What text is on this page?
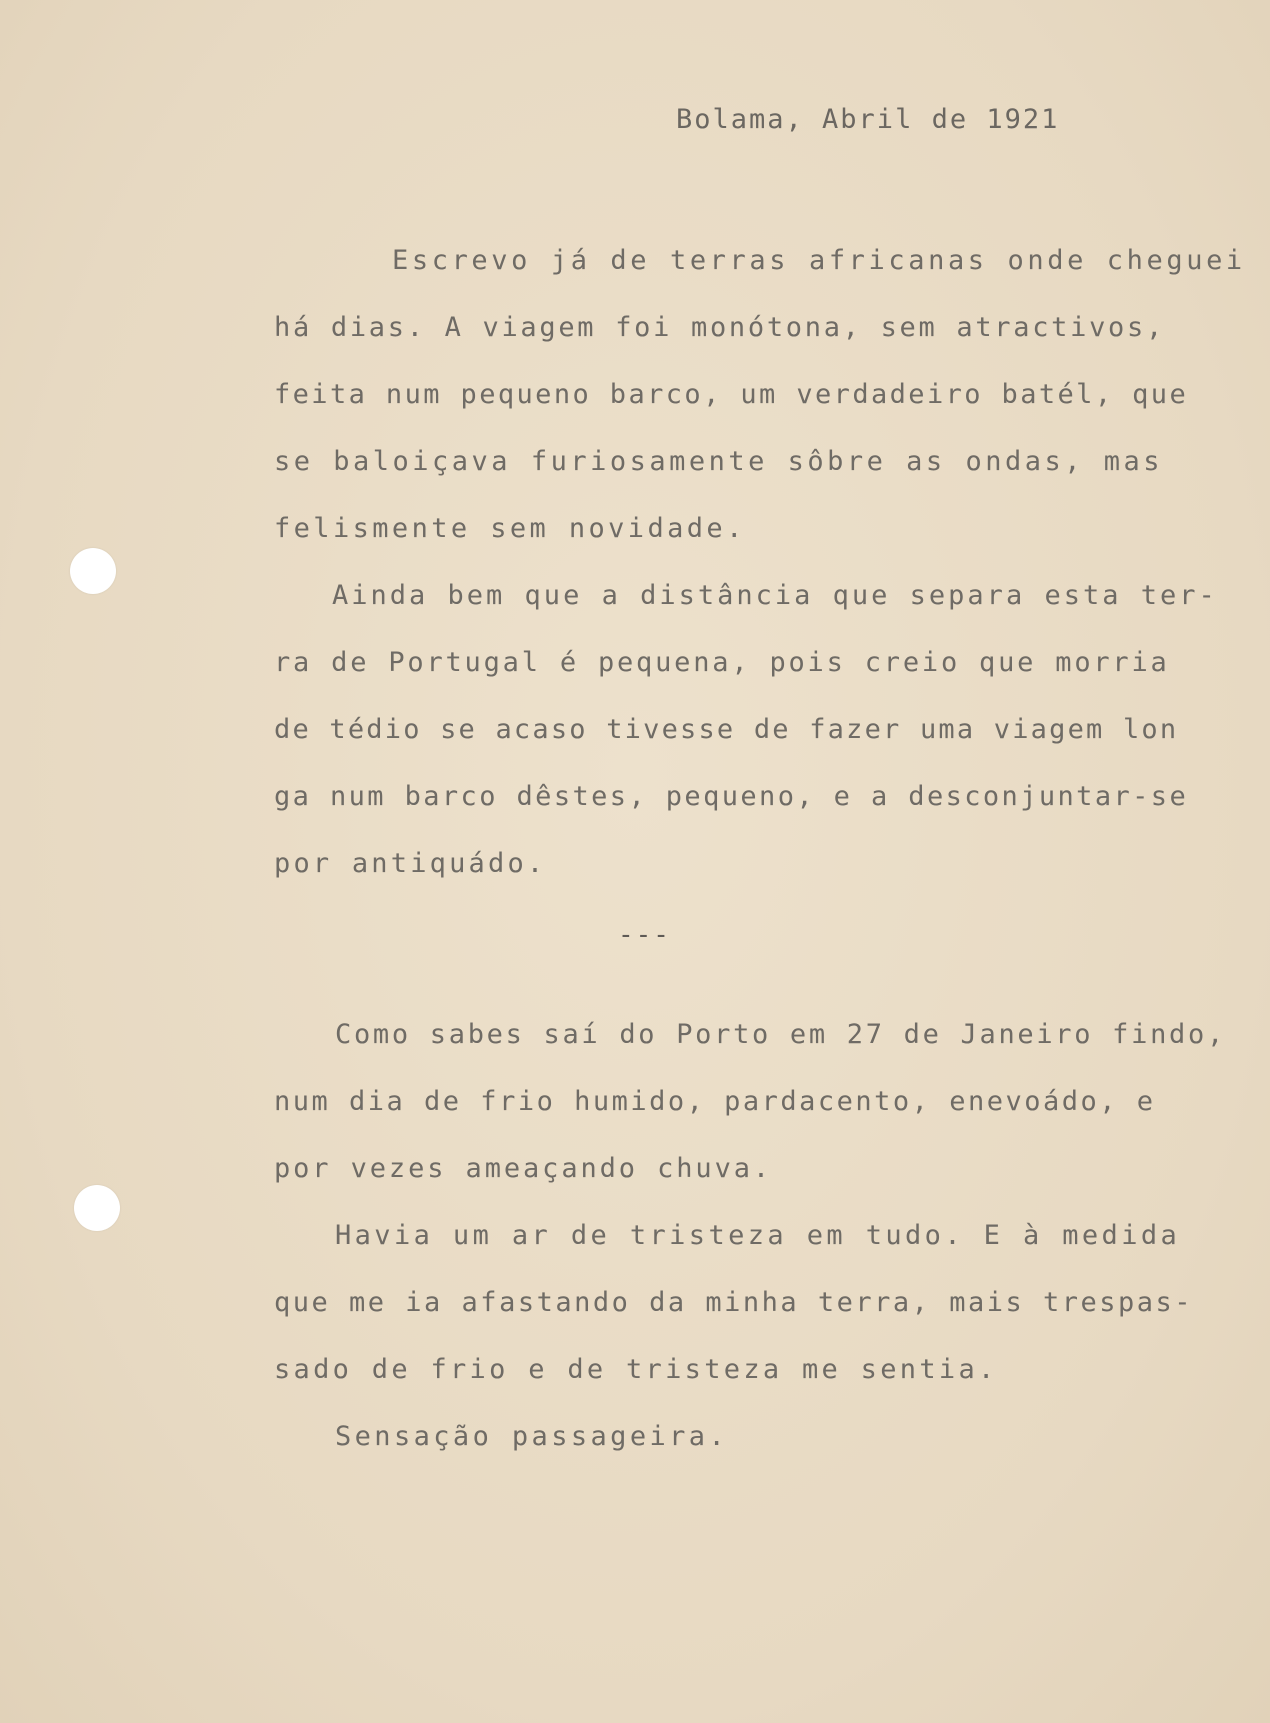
Bolama, Abril de 1921
Escrevo já de terras africanas onde cheguei
há dias. A viagem foi monótona, sem atractivos,
feita num pequeno barco, um verdadeiro batél, que
se baloiçava furiosamente sôbre as ondas, mas
felismente sem novidade.
Ainda bem que a distância que separa esta ter-
ra de Portugal é pequena, pois creio que morria
de tédio se acaso tivesse de fazer uma viagem lon
ga num barco dêstes, pequeno, e a desconjuntar-se
por antiquádo.
---
Como sabes saí do Porto em 27 de Janeiro findo,
num dia de frio humido, pardacento, enevoádo, e
por vezes ameaçando chuva.
Havia um ar de tristeza em tudo. E à medida
que me ia afastando da minha terra, mais trespas-
sado de frio e de tristeza me sentia.
Sensação passageira.
